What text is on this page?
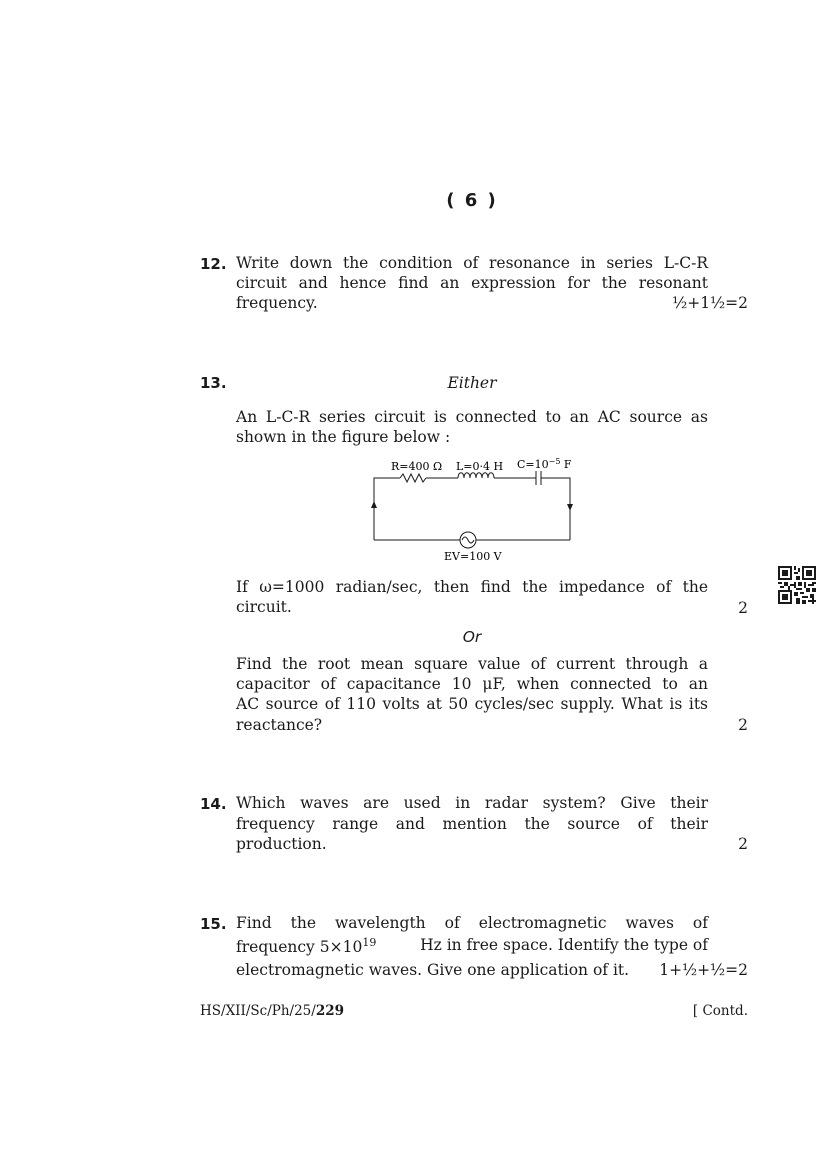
( 6 )
12. Write down the condition of resonance in series L-C-R
circuit and hence find an expression for the resonant
frequency.	½+1½=2
13.	Either
An L-C-R series circuit is connected to an AC source as
shown in the figure below :
R=400 Ω L=0·4 H $C=10^{-5}$ F
EV=100 V
If ω=1000 radian/sec, then find the impedance of the
circuit.	2
Or
Find the root mean square value of current through a
capacitor of capacitance 10 μF, when connected to an
AC source of 110 volts at 50 cycles/sec supply. What is its
reactance?	2
14. Which waves are used in radar system? Give their
frequency range and mention the source of their
production.	2
15. Find the wavelength of electromagnetic waves of
frequency $5\times 10^{19}$	Hz in free space. Identify the type of
electromagnetic waves. Give one application of it.	1+½+½=2
HS/XII/Sc/Ph/25/229	[ Contd.
